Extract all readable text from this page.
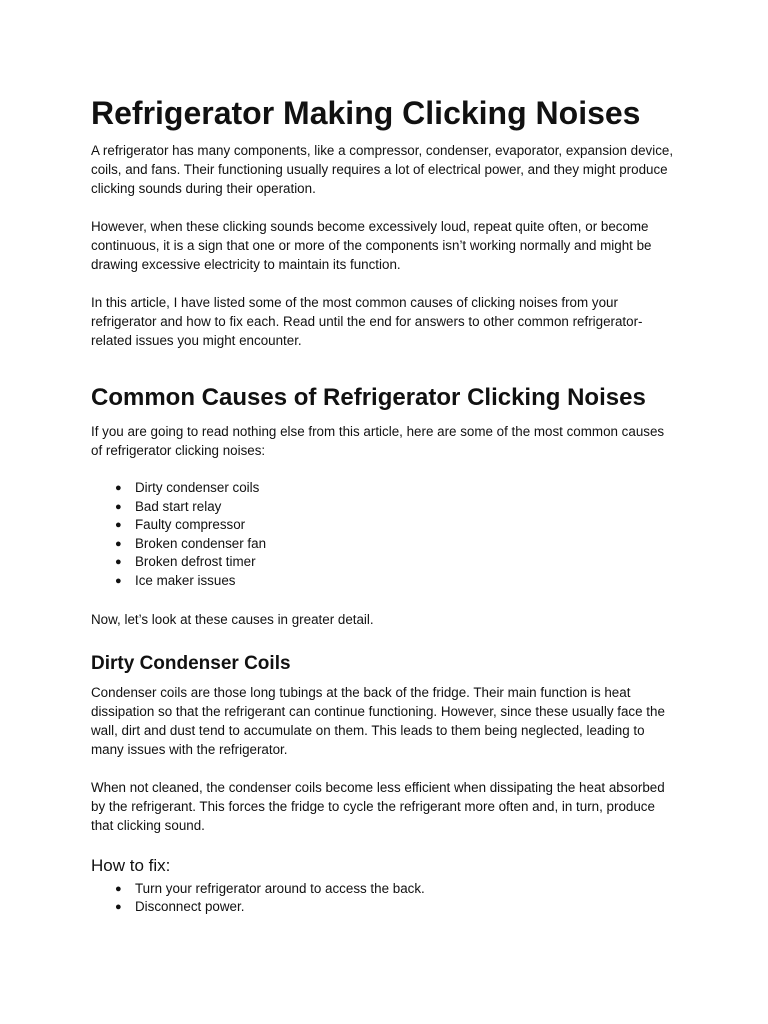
Refrigerator Making Clicking Noises

A refrigerator has many components, like a compressor, condenser, evaporator, expansion device, coils, and fans. Their functioning usually requires a lot of electrical power, and they might produce clicking sounds during their operation.

However, when these clicking sounds become excessively loud, repeat quite often, or become continuous, it is a sign that one or more of the components isn’t working normally and might be drawing excessive electricity to maintain its function.

In this article, I have listed some of the most common causes of clicking noises from your refrigerator and how to fix each. Read until the end for answers to other common refrigerator-related issues you might encounter.

Common Causes of Refrigerator Clicking Noises

If you are going to read nothing else from this article, here are some of the most common causes of refrigerator clicking noises:

● Dirty condenser coils
● Bad start relay
● Faulty compressor
● Broken condenser fan
● Broken defrost timer
● Ice maker issues

Now, let’s look at these causes in greater detail.

Dirty Condenser Coils

Condenser coils are those long tubings at the back of the fridge. Their main function is heat dissipation so that the refrigerant can continue functioning. However, since these usually face the wall, dirt and dust tend to accumulate on them. This leads to them being neglected, leading to many issues with the refrigerator.

When not cleaned, the condenser coils become less efficient when dissipating the heat absorbed by the refrigerant. This forces the fridge to cycle the refrigerant more often and, in turn, produce that clicking sound.

How to fix:
● Turn your refrigerator around to access the back.
● Disconnect power.
